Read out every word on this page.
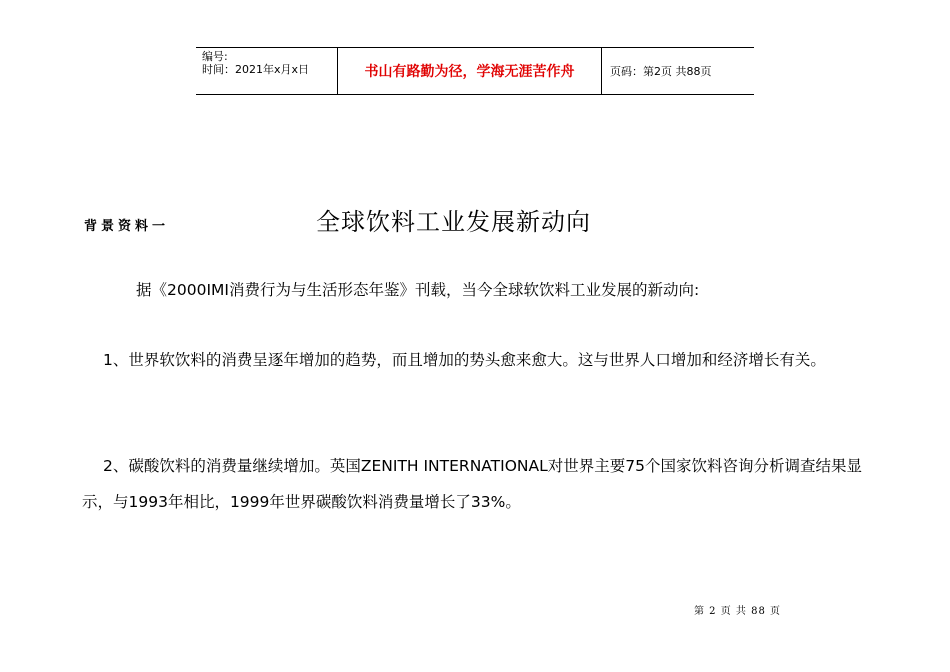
编号:
时间：2021年x月x日	书山有路勤为径，学海无涯苦作舟	页码：第2页 共88页
背景资料一	全球饮料工业发展新动向
据《2000IMI消费行为与生活形态年鉴》刊载，当今全球软饮料工业发展的新动向:
1、世界软饮料的消费呈逐年增加的趋势，而且增加的势头愈来愈大。这与世界人口增加和经济增长有关。
2、碳酸饮料的消费量继续增加。英国ZENITH INTERNATIONAL对世界主要75个国家饮料咨询分析调查结果显示，与1993年相比，1999年世界碳酸饮料消费量增长了33%。
第 2 页 共 88 页
